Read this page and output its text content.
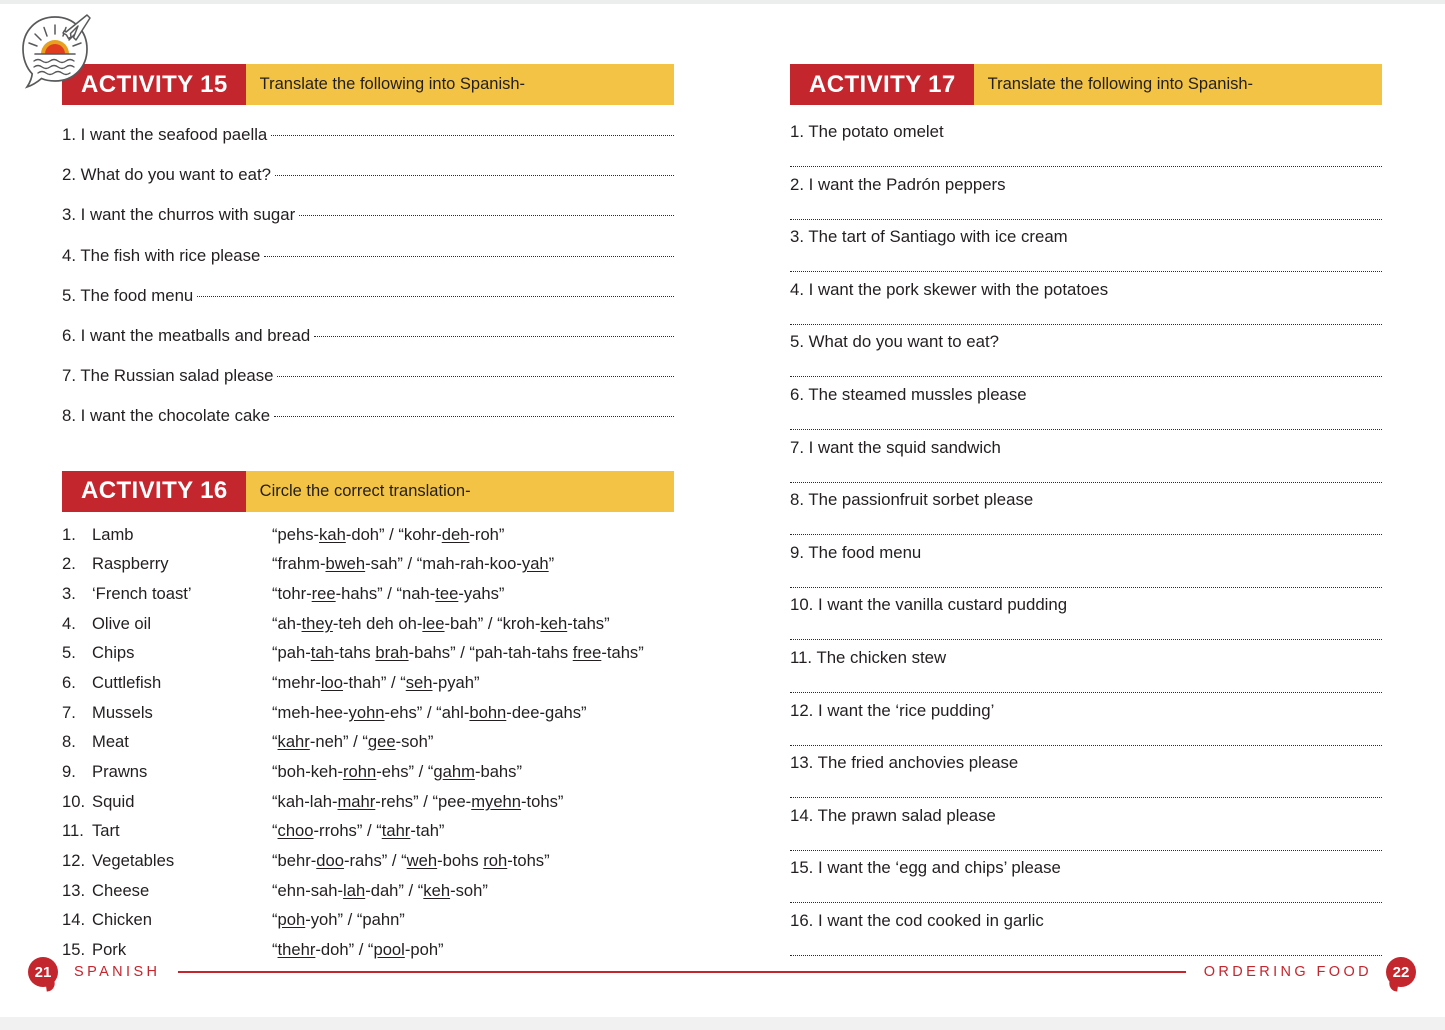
ACTIVITY 15	Translate the following into Spanish-
1. I want the seafood paella
2. What do you want to eat?
3. I want the churros with sugar
4. The fish with rice please
5. The food menu
6. I want the meatballs and bread
7. The Russian salad please
8. I want the chocolate cake
ACTIVITY 16	Circle the correct translation-
1. Lamb	“pehs-kah-doh” / “kohr-deh-roh”
2. Raspberry	“frahm-bweh-sah” / “mah-rah-koo-yah”
3. ‘French toast’	“tohr-ree-hahs” / “nah-tee-yahs”
4. Olive oil	“ah-they-teh deh oh-lee-bah” / “kroh-keh-tahs”
5. Chips	“pah-tah-tahs brah-bahs” / “pah-tah-tahs free-tahs”
6. Cuttlefish	“mehr-loo-thah” / “seh-pyah”
7. Mussels	“meh-hee-yohn-ehs” / “ahl-bohn-dee-gahs”
8. Meat	“kahr-neh” / “gee-soh”
9. Prawns	“boh-keh-rohn-ehs” / “gahm-bahs”
10. Squid	“kah-lah-mahr-rehs” / “pee-myehn-tohs”
11. Tart	“choo-rrohs” / “tahr-tah”
12. Vegetables	“behr-doo-rahs” / “weh-bohs roh-tohs”
13. Cheese	“ehn-sah-lah-dah” / “keh-soh”
14. Chicken	“poh-yoh” / “pahn”
15. Pork	“thehr-doh” / “pool-poh”
21	SPANISH
ACTIVITY 17	Translate the following into Spanish-
1. The potato omelet
2. I want the Padrón peppers
3. The tart of Santiago with ice cream
4. I want the pork skewer with the potatoes
5. What do you want to eat?
6. The steamed mussles please
7. I want the squid sandwich
8. The passionfruit sorbet please
9. The food menu
10. I want the vanilla custard pudding
11. The chicken stew
12. I want the ‘rice pudding’
13. The fried anchovies please
14. The prawn salad please
15. I want the ‘egg and chips’ please
16. I want the cod cooked in garlic
ORDERING FOOD	22
